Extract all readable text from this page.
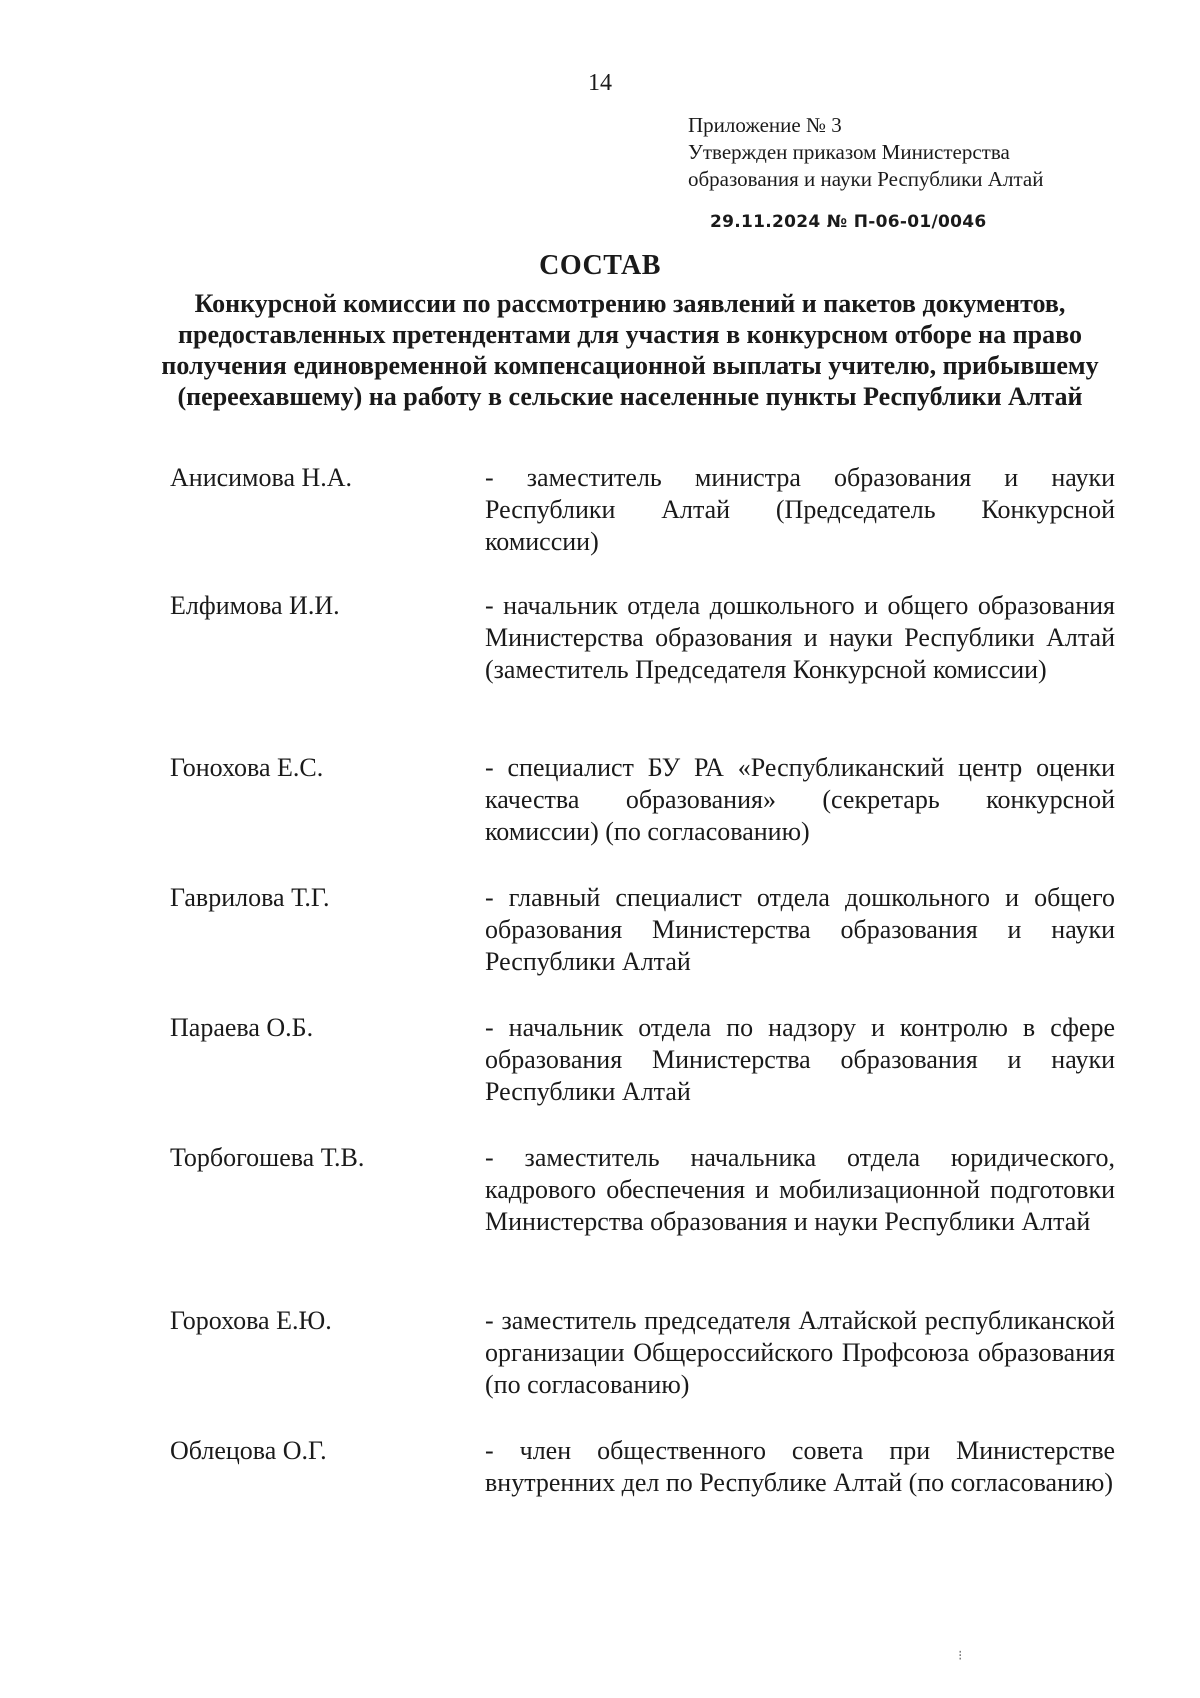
14
Приложение № 3
Утвержден приказом Министерства
образования и науки Республики Алтай
29.11.2024 № П-06-01/0046
СОСТАВ
Конкурсной комиссии по рассмотрению заявлений и пакетов документов, предоставленных претендентами для участия в конкурсном отборе на право получения единовременной компенсационной выплаты учителю, прибывшему (переехавшему) на работу в сельские населенные пункты Республики Алтай
Анисимова Н.А.	- заместитель министра образования и науки Республики Алтай (Председатель Конкурсной комиссии)
Елфимова И.И.	- начальник отдела дошкольного и общего образования Министерства образования и науки Республики Алтай (заместитель Председателя Конкурсной комиссии)
Гонохова Е.С.	- специалист БУ РА «Республиканский центр оценки качества образования» (секретарь конкурсной комиссии) (по согласованию)
Гаврилова Т.Г.	- главный специалист отдела дошкольного и общего образования Министерства образования и науки Республики Алтай
Параева О.Б.	- начальник отдела по надзору и контролю в сфере образования Министерства образования и науки Республики Алтай
Торбогошева Т.В.	- заместитель начальника отдела юридического, кадрового обеспечения и мобилизационной подготовки Министерства образования и науки Республики Алтай
Горохова Е.Ю.	- заместитель председателя Алтайской республиканской организации Общероссийского Профсоюза образования (по согласованию)
Облецова О.Г.	- член общественного совета при Министерстве внутренних дел по Республике Алтай (по согласованию)
⁝
